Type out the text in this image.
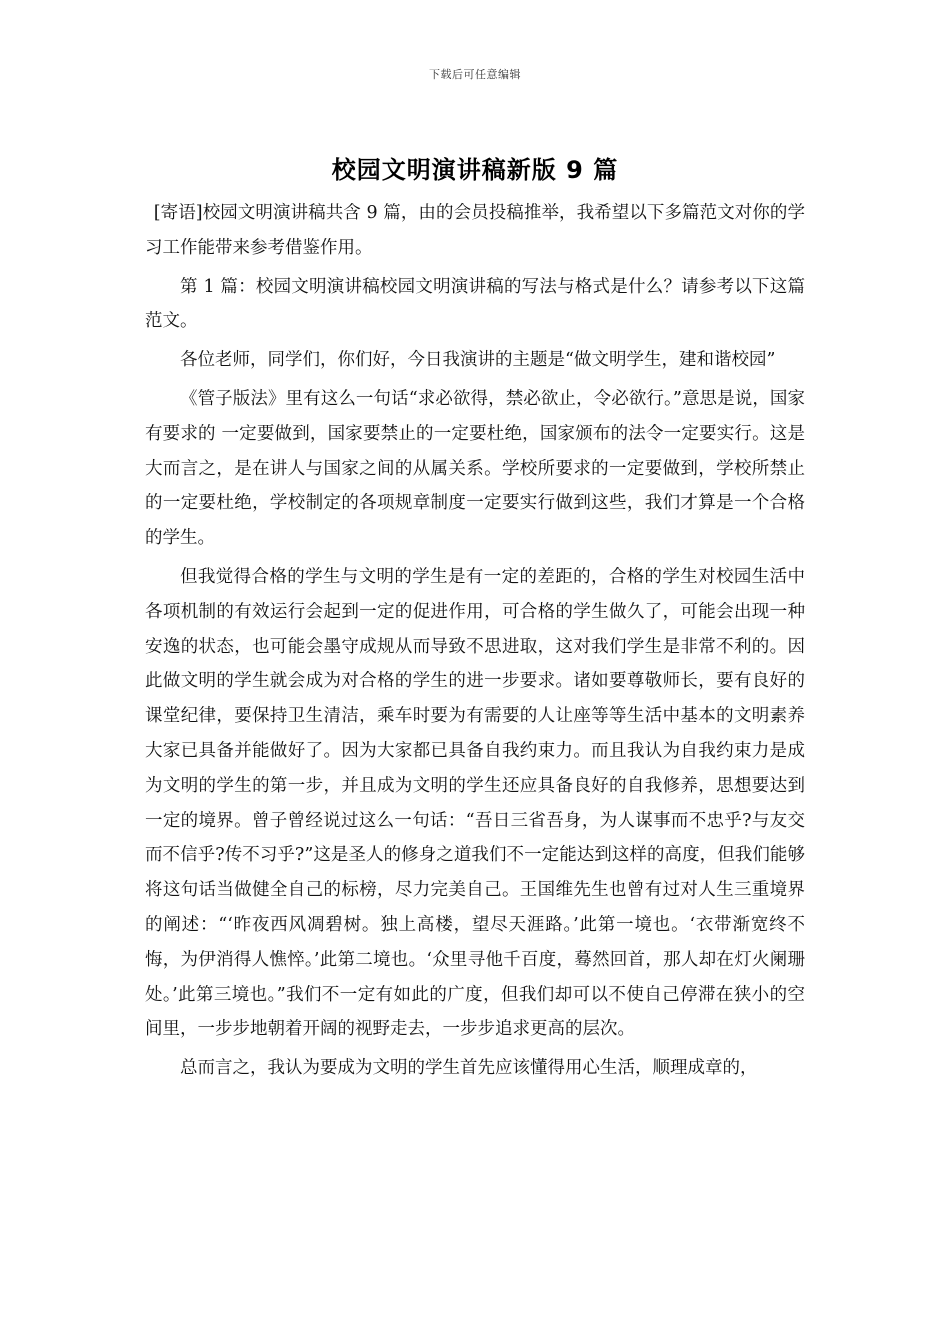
下载后可任意编辑
校园文明演讲稿新版 9 篇

[寄语]校园文明演讲稿共含 9 篇，由的会员投稿推举，我希望以下多篇范文对你的学习工作能带来参考借鉴作用。

第 1 篇：校园文明演讲稿校园文明演讲稿的写法与格式是什么？请参考以下这篇范文。

各位老师，同学们，你们好，今日我演讲的主题是“做文明学生，建和谐校园”

《管子版法》里有这么一句话“求必欲得，禁必欲止，令必欲行。”意思是说，国家有要求的 一定要做到，国家要禁止的一定要杜绝，国家颁布的法令一定要实行。这是大而言之，是在讲人与国家之间的从属关系。学校所要求的一定要做到，学校所禁止的一定要杜绝，学校制定的各项规章制度一定要实行做到这些，我们才算是一个合格的学生。

但我觉得合格的学生与文明的学生是有一定的差距的，合格的学生对校园生活中各项机制的有效运行会起到一定的促进作用，可合格的学生做久了，可能会出现一种安逸的状态，也可能会墨守成规从而导致不思进取，这对我们学生是非常不利的。因此做文明的学生就会成为对合格的学生的进一步要求。诸如要尊敬师长，要有良好的课堂纪律，要保持卫生清洁，乘车时要为有需要的人让座等等生活中基本的文明素养大家已具备并能做好了。因为大家都已具备自我约束力。而且我认为自我约束力是成为文明的学生的第一步，并且成为文明的学生还应具备良好的自我修养，思想要达到一定的境界。曾子曾经说过这么一句话：“吾日三省吾身，为人谋事而不忠乎?与友交而不信乎?传不习乎?”这是圣人的修身之道我们不一定能达到这样的高度，但我们能够将这句话当做健全自己的标榜，尽力完美自己。王国维先生也曾有过对人生三重境界的阐述：“‘昨夜西风凋碧树。独上高楼，望尽天涯路。’此第一境也。‘衣带渐宽终不悔，为伊消得人憔悴。’此第二境也。‘众里寻他千百度，蓦然回首，那人却在灯火阑珊处。’此第三境也。”我们不一定有如此的广度，但我们却可以不使自己停滞在狭小的空间里，一步步地朝着开阔的视野走去，一步步追求更高的层次。

总而言之，我认为要成为文明的学生首先应该懂得用心生活，顺理成章的，
